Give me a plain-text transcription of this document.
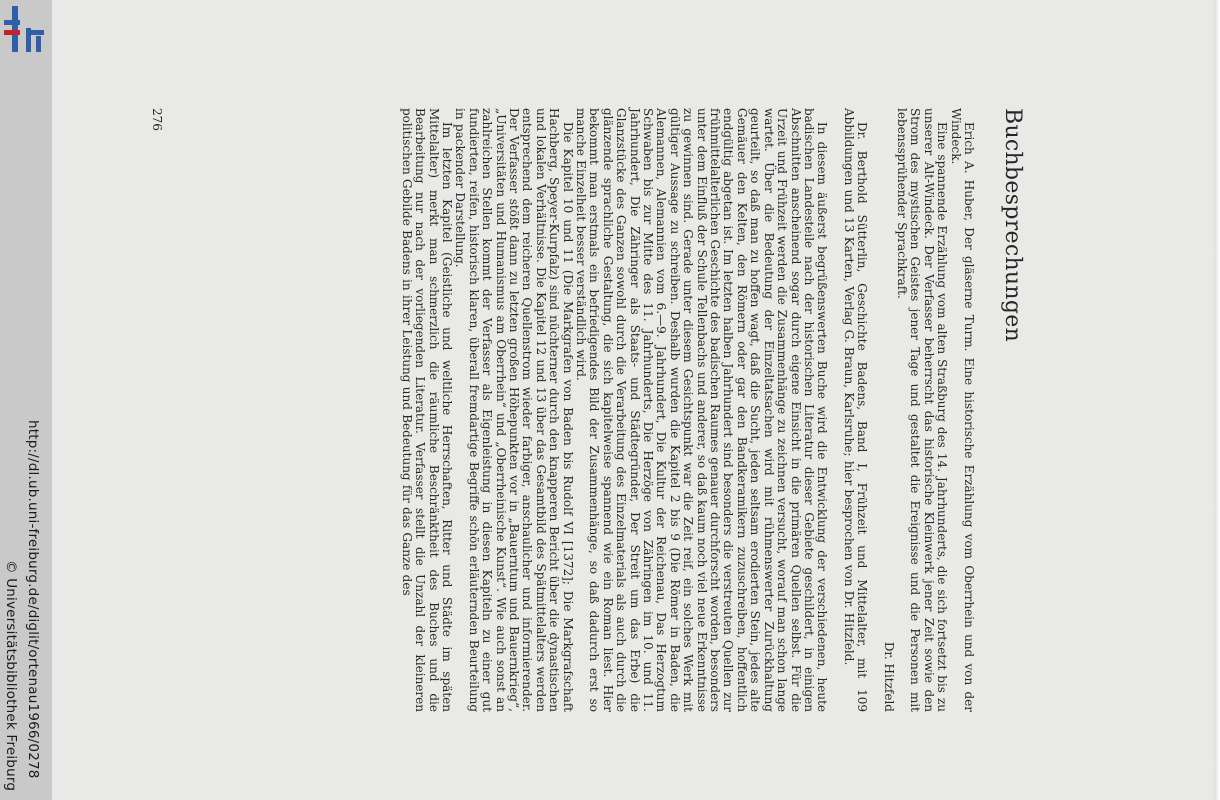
http://dl.ub.uni-freiburg.de/diglit/ortenau1966/0278
© Universitätsbibliothek Freiburg
Buchbesprechungen

Erich A. Huber, Der gläserne Turm. Eine historische Erzählung vom Oberrhein und von der Windeck.

Eine spannende Erzählung vom alten Straßburg des 14. Jahrhunderts, die sich fortsetzt bis zu unserer Alt-Windeck. Der Verfasser beherrscht das historische Kleinwerk jener Zeit sowie den Strom des mystischen Geistes jener Tage und gestaltet die Ereignisse und die Personen mit lebenssprühender Sprachkraft.

Dr. Hitzfeld

Dr. Berthold Sütterlin, Geschichte Badens, Band I, Frühzeit und Mittelalter, mit 109 Abbildungen und 13 Karten, Verlag G. Braun, Karlsruhe; hier besprochen von Dr. Hitzfeld.

In diesem äußerst begrüßenswerten Buche wird die Entwicklung der verschiedenen, heute badischen Landesteile nach der historischen Literatur dieser Gebiete geschildert, in einigen Abschnitten anscheinend sogar durch eigene Einsicht in die primären Quellen selbst. Für die Urzeit und Frühzeit werden die Zusammenhänge zu zeichnen versucht, worauf man schon lange wartet. Über die Bedeutung der Einzeltatsachen wird mit rühmenswerter Zurückhaltung geurteilt, so daß man zu hoffen wagt, daß die Sucht, jeden seltsam erodierten Stein, jedes alte Gemäuer den Kelten, den Römern oder gar den Bandkeramikern zuzuschreiben, hoffentlich endgültig abgetan ist. Im letzten halben Jahrhundert sind besonders die verstreuten Quellen zur frühmittelalterlichen Geschichte des badischen Raumes genauer durchforscht worden, besonders unter dem Einfluß der Schule Tellenbachs und anderer, so daß kaum noch viel neue Erkenntnisse zu gewinnen sind. Gerade unter diesem Gesichtspunkt war die Zeit reif, ein solches Werk mit gültiger Aussage zu schreiben. Deshalb wurden die Kapitel 2 bis 9 (Die Römer in Baden, die Alemannen, Alemannien vom 6.—9. Jahrhundert, Die Kultur der Reichenau, Das Herzogtum Schwaben bis zur Mitte des 11. Jahrhunderts, Die Herzöge von Zähringen im 10. und 11. Jahrhundert, Die Zähringer als Staats- und Städtegründer, Der Streit um das Erbe) die Glanzstücke des Ganzen sowohl durch die Verarbeitung des Einzelmaterials als auch durch die glänzende sprachliche Gestaltung, die sich kapitelweise spannend wie ein Roman liest. Hier bekommt man erstmals ein befriedigendes Bild der Zusammenhänge, so daß dadurch erst so manche Einzelheit besser verständlich wird.

Die Kapitel 10 und 11 (Die Markgrafen von Baden bis Rudolf VI [1372]; Die Markgrafschaft Hachberg, Speyer-Kurpfalz) sind nüchterner durch den knapperen Bericht über die dynastischen und lokalen Verhältnisse. Die Kapitel 12 und 13 über das Gesamtbild des Spätmittelalters werden entsprechend dem reicheren Quellenstrom wieder farbiger, anschaulicher und informierender. Der Verfasser stößt dann zu letzten großen Höhepunkten vor in „Bauerntum und Bauernkrieg“, „Universitäten und Humanismus am Oberrhein“ und „Oberrheinische Kunst“. Wie auch sonst an zahlreichen Stellen kommt der Verfasser als Eigenleistung in diesen Kapiteln zu einer gut fundierten, reifen, historisch klaren, überall fremdartige Begriffe schön erläuternden Beurteilung in packender Darstellung.

Im letzten Kapitel (Geistliche und weltliche Herrschaften, Ritter und Städte im späten Mittelalter) merkt man schmerzlich die räumliche Beschränktheit des Buches und die Bearbeitung nur nach der vorliegenden Literatur. Verfasser stellt die Unzahl der kleineren politischen Gebilde Badens in ihrer Leistung und Bedeutung für das Ganze des

276
